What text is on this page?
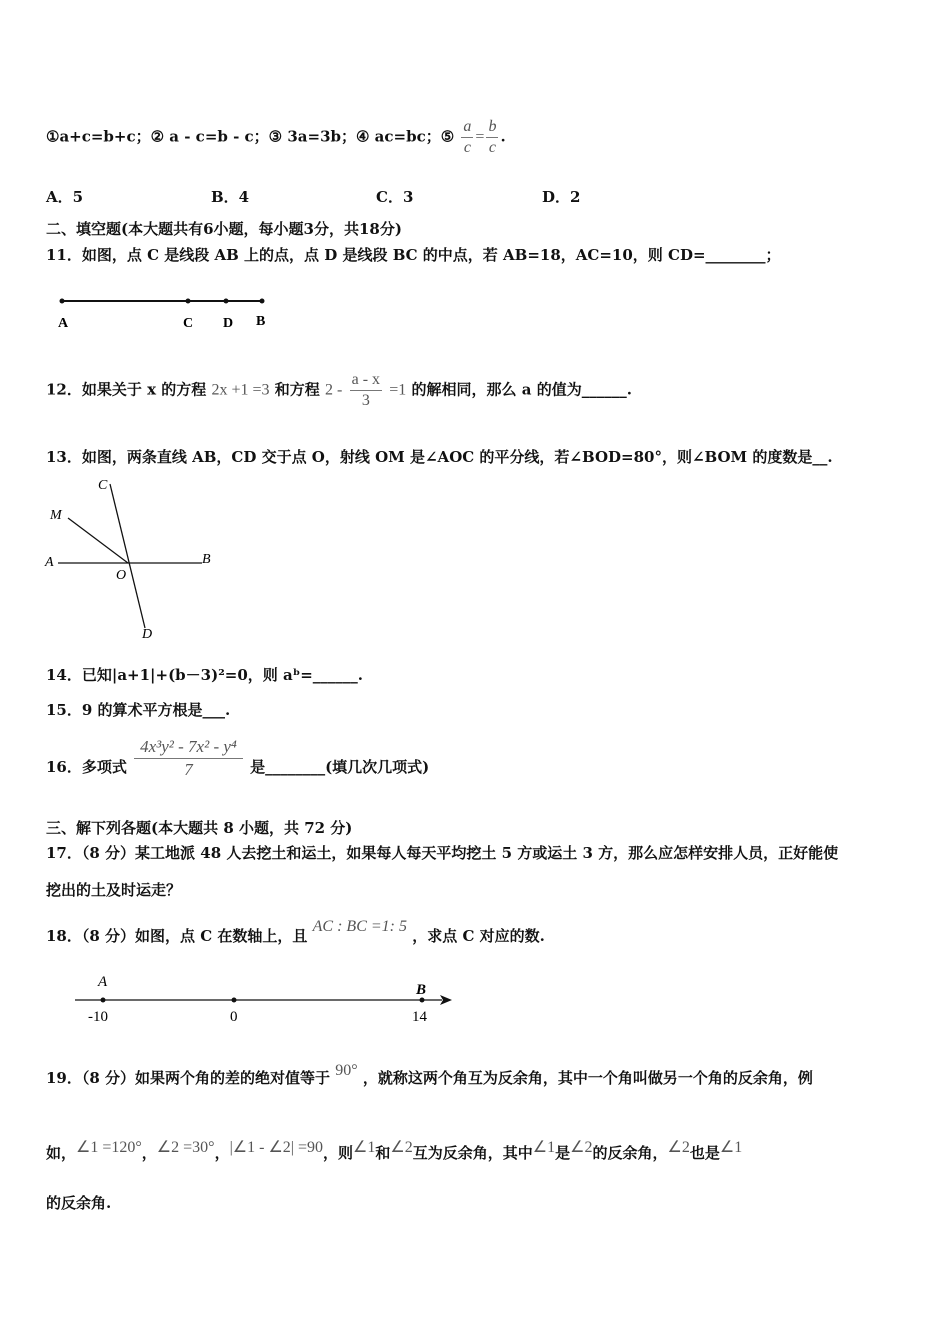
①a+c=b+c；② a - c=b - c；③ 3a=3b；④ ac=bc；⑤ $\frac{a}{c} = \frac{b}{c}$ .
A．5	B．4	C．3	D．2
二、填空题(本大题共有6小题，每小题3分，共18分)
11．如图，点 C 是线段 AB 上的点，点 D 是线段 BC 的中点，若 AB=18，AC=10，则 CD=________；
A	C D B
12．如果关于 x 的方程 2x +1 =3 和方程 $2 - \frac{a - x}{3} =1$ 的解相同，那么 a 的值为______.
13．如图，两条直线 AB，CD 交于点 O，射线 OM 是∠AOC 的平分线，若∠BOD=80°，则∠BOM 的度数是__.
C
M
A
O
B
D
14．已知|a+1|+(b－3)²=0，则 aᵇ=______.
15．9 的算术平方根是___.
16．多项式 $\frac{\text{4x³y² - 7x² - y⁴}}{7}$ 是________(填几次几项式)
三、解下列各题(本大题共 8 小题，共 72 分)
17．（8 分）某工地派 48 人去挖土和运土，如果每人每天平均挖土 5 方或运土 3 方，那么应怎样安排人员，正好能使
挖出的土及时运走？
18．（8 分）如图，点 C 在数轴上，且 AC : BC =1: 5 ，求点 C 对应的数.
A	B
-10	0	14
19．（8 分）如果两个角的差的绝对值等于 90° ，就称这两个角互为反余角，其中一个角叫做另一个角的反余角，例
如，∠1 =120°，∠2 =30°，|∠1 - ∠2| =90，则∠1和∠2互为反余角，其中∠1是∠2的反余角，∠2也是∠1
的反余角.
